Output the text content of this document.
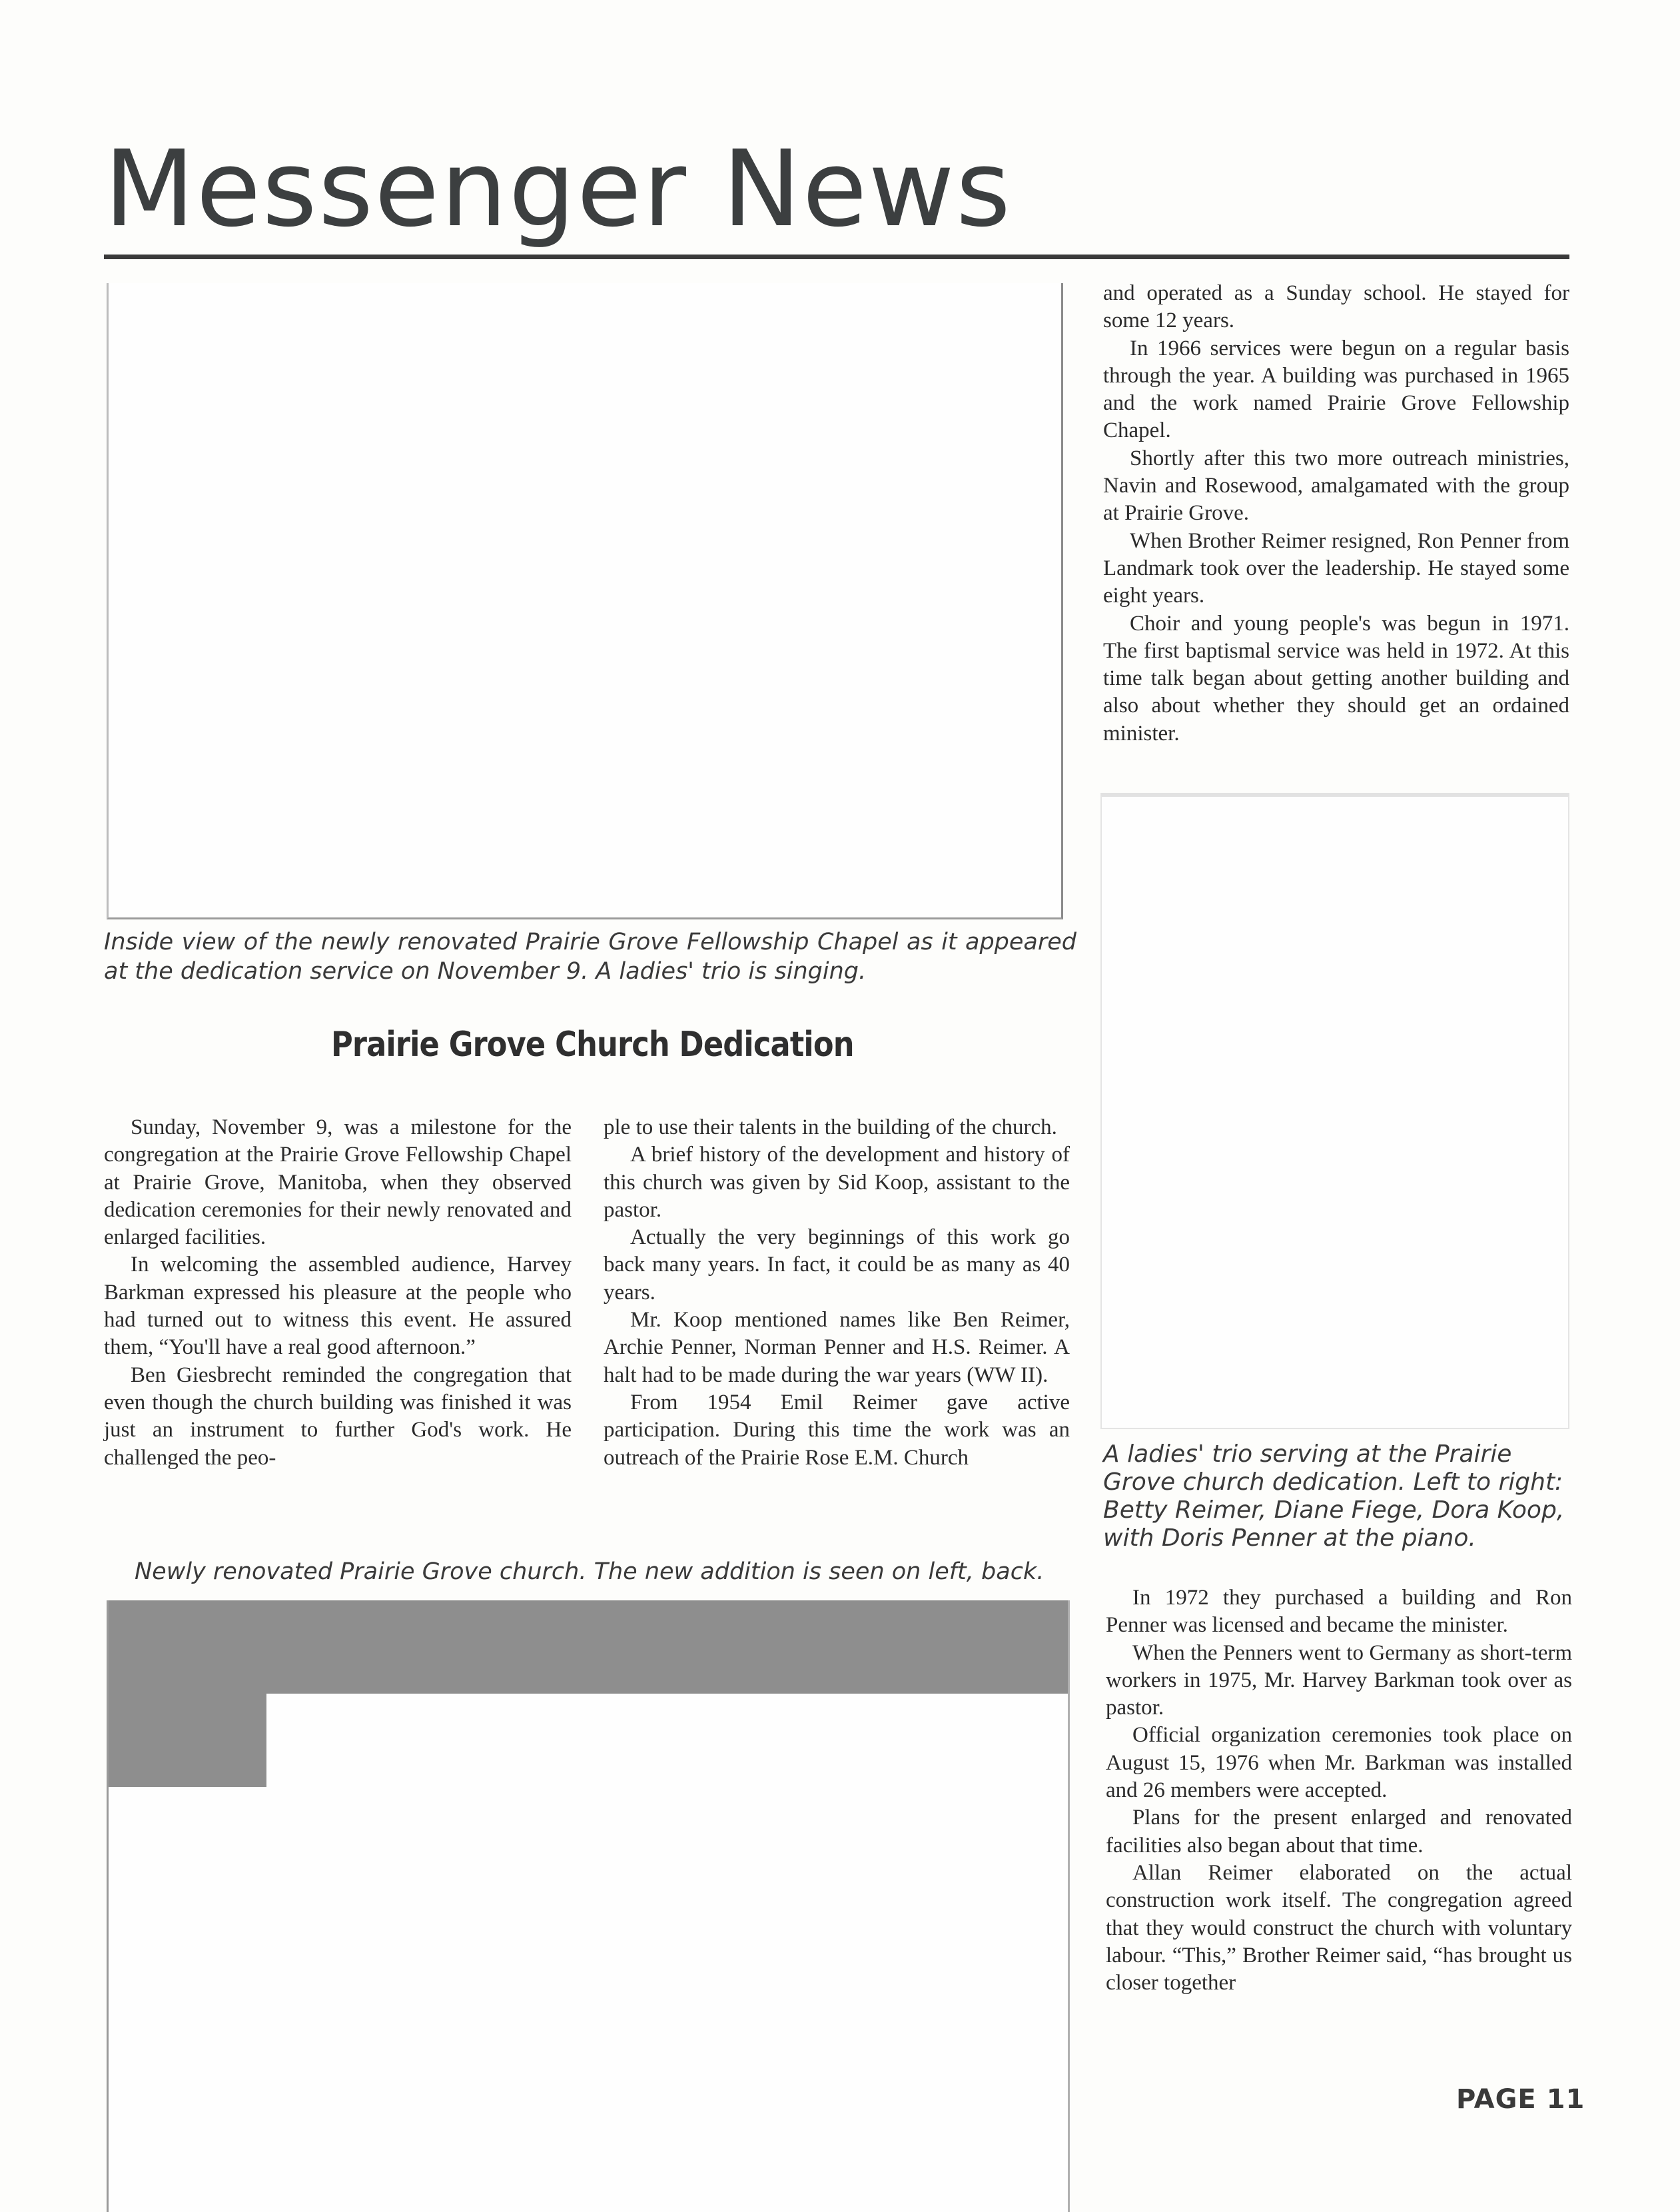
Messenger News
Inside view of the newly renovated Prairie Grove Fellowship Chapel as it appeared at the dedication service on November 9. A ladies' trio is singing.
Prairie Grove Church Dedication

Sunday, November 9, was a milestone for the congregation at the Prairie Grove Fellowship Chapel at Prairie Grove, Manitoba, when they observed dedication ceremonies for their newly renovated and enlarged facilities.

In welcoming the assembled audience, Harvey Barkman expressed his pleasure at the people who had turned out to witness this event. He assured them, “You'll have a real good afternoon.”

Ben Giesbrecht reminded the congregation that even though the church building was finished it was just an instrument to further God's work. He challenged the peo-

ple to use their talents in the building of the church.

A brief history of the development and history of this church was given by Sid Koop, assistant to the pastor.

Actually the very beginnings of this work go back many years. In fact, it could be as many as 40 years.

Mr. Koop mentioned names like Ben Reimer, Archie Penner, Norman Penner and H.S. Reimer. A halt had to be made during the war years (WW II).

From 1954 Emil Reimer gave active participation. During this time the work was an outreach of the Prairie Rose E.M. Church

and operated as a Sunday school. He stayed for some 12 years.

In 1966 services were begun on a regular basis through the year. A building was purchased in 1965 and the work named Prairie Grove Fellowship Chapel.

Shortly after this two more outreach ministries, Navin and Rosewood, amalgamated with the group at Prairie Grove.

When Brother Reimer resigned, Ron Penner from Landmark took over the leadership. He stayed some eight years.

Choir and young people's was begun in 1971. The first baptismal service was held in 1972. At this time talk began about getting another building and also about whether they should get an ordained minister.

A ladies' trio serving at the Prairie Grove church dedication. Left to right: Betty Reimer, Diane Fiege, Dora Koop, with Doris Penner at the piano.
Newly renovated Prairie Grove church. The new addition is seen on left, back.

In 1972 they purchased a building and Ron Penner was licensed and became the minister.

When the Penners went to Germany as short-term workers in 1975, Mr. Harvey Barkman took over as pastor.

Official organization ceremonies took place on August 15, 1976 when Mr. Barkman was installed and 26 members were accepted.

Plans for the present enlarged and renovated facilities also began about that time.

Allan Reimer elaborated on the actual construction work itself. The congregation agreed that they would construct the church with voluntary labour. “This,” Brother Reimer said, “has brought us closer together

PAGE 11
